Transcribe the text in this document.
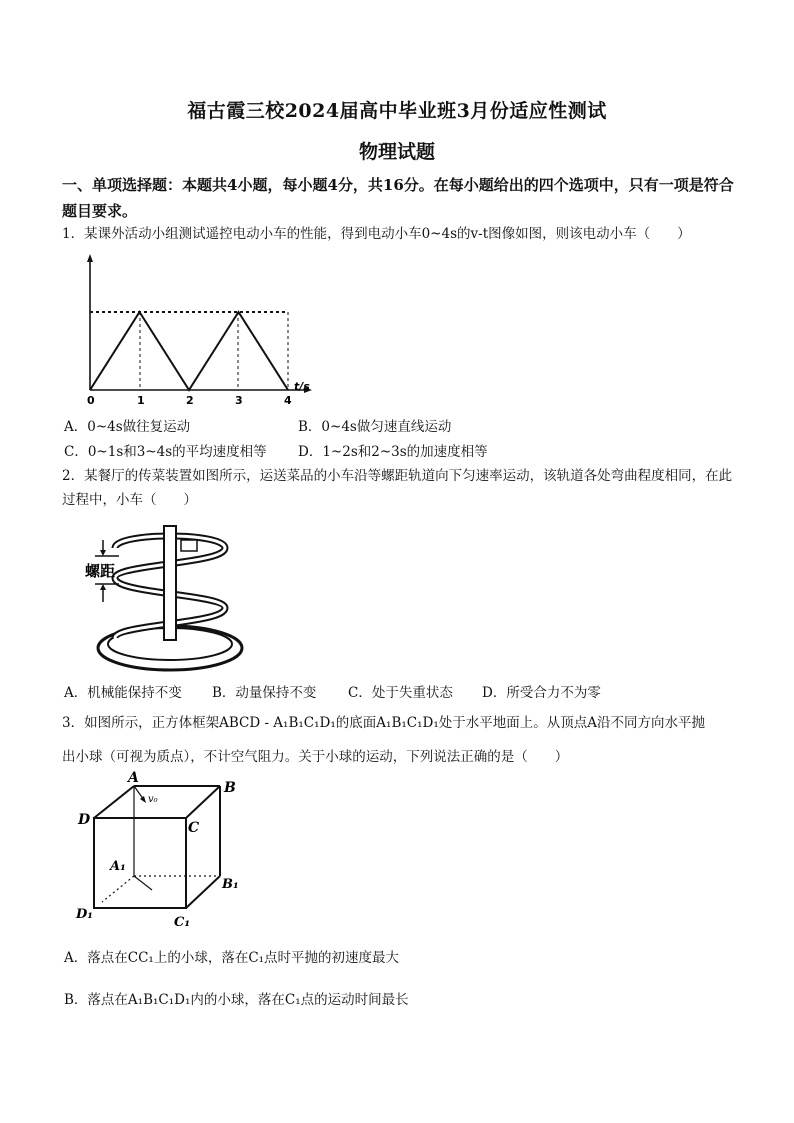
福古霞三校2024届高中毕业班3月份适应性测试
物理试题
一、单项选择题：本题共4小题，每小题4分，共16分。在每小题给出的四个选项中，只有一项是符合题目要求。
1．某课外活动小组测试遥控电动小车的性能，得到电动小车0~4s的v-t图像如图，则该电动小车（　　）
0	1	2	3	4
t/s
A．0~4s做往复运动	B．0~4s做匀速直线运动
C．0~1s和3~4s的平均速度相等 D．1~2s和2~3s的加速度相等
2．某餐厅的传菜装置如图所示，运送菜品的小车沿等螺距轨道向下匀速率运动，该轨道各处弯曲程度相同，在此过程中，小车（　　）
螺距
A．机械能保持不变 B．动量保持不变 C．处于失重状态 D．所受合力不为零
3．如图所示，正方体框架ABCD - A₁B₁C₁D₁的底面A₁B₁C₁D₁处于水平地面上。从顶点A沿不同方向水平抛
出小球（可视为质点），不计空气阻力。关于小球的运动，下列说法正确的是（　　）
A
B
C
D
A₁
B₁
C₁
D₁
v₀
A．落点在CC₁上的小球，落在C₁点时平抛的初速度最大
B．落点在A₁B₁C₁D₁内的小球，落在C₁点的运动时间最长
